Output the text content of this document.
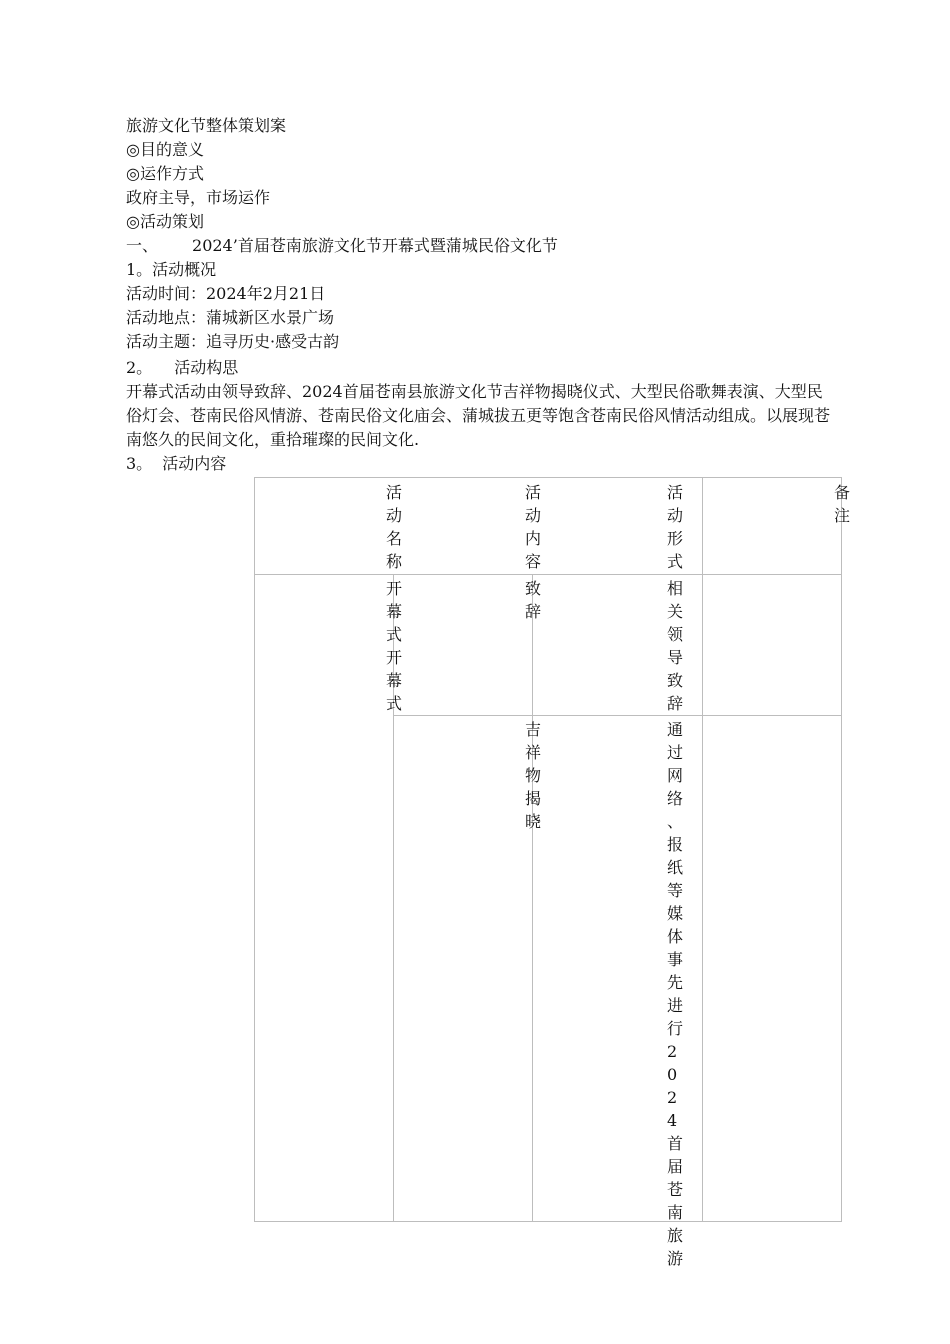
旅游文化节整体策划案
◎目的意义
◎运作方式
政府主导，市场运作
◎活动策划
一、 2024’首届苍南旅游文化节开幕式暨蒲城民俗文化节
1。活动概况
活动时间：2024年2月21日
活动地点：蒲城新区水景广场
活动主题：追寻历史·感受古韵
2。 活动构思
开幕式活动由领导致辞、2024首届苍南县旅游文化节吉祥物揭晓仪式、大型民俗歌舞表演、大型民俗灯会、苍南民俗风情游、苍南民俗文化庙会、蒲城拔五更等饱含苍南民俗风情活动组成。以展现苍南悠久的民间文化，重拾璀璨的民间文化.
3。 活动内容
活动名称
活动内容
活动形式
备注
开幕式开幕式
致辞
相关领导致辞
吉祥物揭晓
通过网络、报纸等媒体事先进行2024首届苍南旅游
